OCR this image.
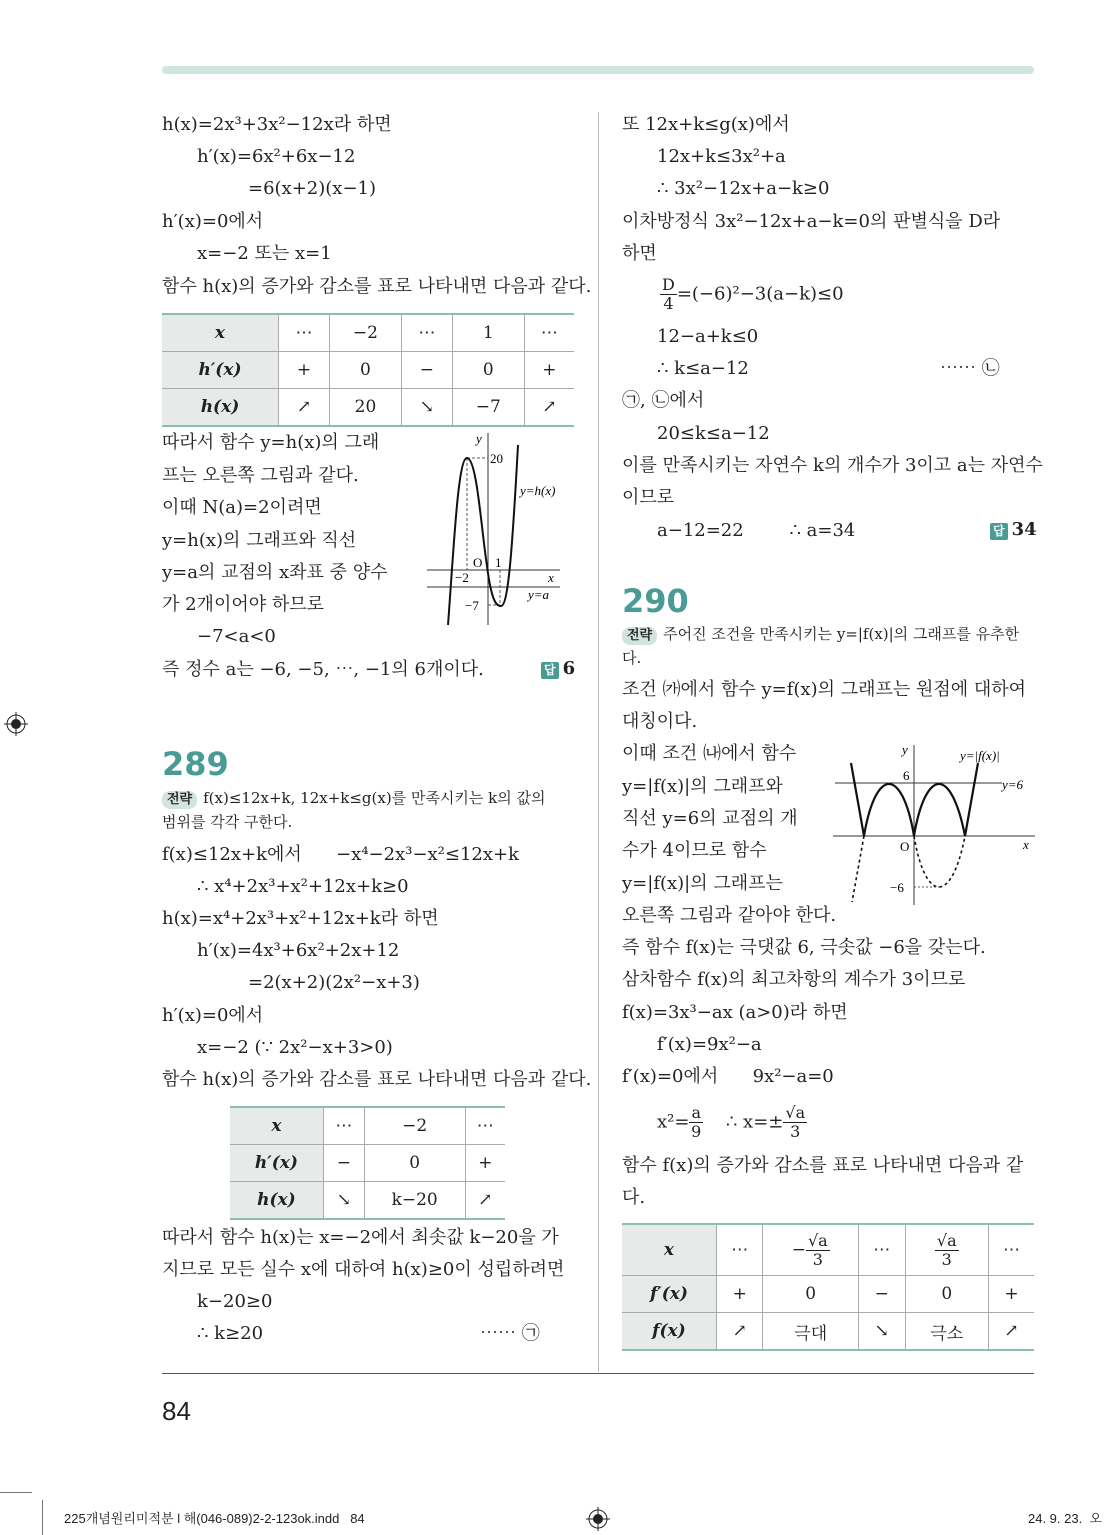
h(x)=2x³+3x²−12x라 하면
h′(x)=6x²+6x−12
=6(x+2)(x−1)
h′(x)=0에서
x=−2 또는 x=1
함수 h(x)의 증가와 감소를 표로 나타내면 다음과 같다.
x	⋯	−2	⋯	1	⋯
h′(x)	+	0	−	0	+
h(x)	↗	20	↘	−7	↗
따라서 함수 y=h(x)의 그래
프는 오른쪽 그림과 같다.
이때 N(a)=2이려면
y=h(x)의 그래프와 직선
y=a의 교점의 x좌표 중 양수
가 2개이어야 하므로
−7<a<0
즉 정수 a는 −6, −5, ⋯, −1의 6개이다.	답 6
y
20
y=h(x)
O 1
−2	x
y=a
−7
289
전략 f(x)≤12x+k, 12x+k≤g(x)를 만족시키는 k의 값의
범위를 각각 구한다.
f(x)≤12x+k에서      −x⁴−2x³−x²≤12x+k
∴ x⁴+2x³+x²+12x+k≥0
h(x)=x⁴+2x³+x²+12x+k라 하면
h′(x)=4x³+6x²+2x+12
=2(x+2)(2x²−x+3)
h′(x)=0에서
x=−2 (∵ 2x²−x+3>0)
함수 h(x)의 증가와 감소를 표로 나타내면 다음과 같다.
x	⋯	−2	⋯
h′(x)	−	0	+
h(x)	↘	k−20	↗
따라서 함수 h(x)는 x=−2에서 최솟값 k−20을 가
지므로 모든 실수 x에 대하여 h(x)≥0이 성립하려면
k−20≥0
∴ k≥20	⋯⋯ ㉠
또 12x+k≤g(x)에서
12x+k≤3x²+a
∴ 3x²−12x+a−k≥0
이차방정식 3x²−12x+a−k=0의 판별식을 D라
하면
$\frac{D}{4} =(-6)^2-3(a-k)\le 0$
12−a+k≤0
∴ k≤a−12	⋯⋯ ㉡
㉠, ㉡에서
20≤k≤a−12
이를 만족시키는 자연수 k의 개수가 3이고 a는 자연수
이므로
a−12=22        ∴ a=34	답 34
290
전략 주어진 조건을 만족시키는 y=|f(x)|의 그래프를 유추한
다.
조건 ㈎에서 함수 y=f(x)의 그래프는 원점에 대하여
대칭이다.
이때 조건 ㈏에서 함수
y=|f(x)|의 그래프와
직선 y=6의 교점의 개
수가 4이므로 함수
y=|f(x)|의 그래프는
오른쪽 그림과 같아야 한다.
y	y=|f(x)|
6
y=6
O	x
−6
즉 함수 f(x)는 극댓값 6, 극솟값 −6을 갖는다.
삼차함수 f(x)의 최고차항의 계수가 3이므로
f(x)=3x³−ax (a>0)라 하면
f′(x)=9x²−a
f′(x)=0에서      9x²−a=0
$x^2= \frac{a}{9}$ ∴ $x=\pm \frac{√a}{3}$
함수 f(x)의 증가와 감소를 표로 나타내면 다음과 같
다.
x	⋯	− $\frac{√a}{3}$	⋯	$\frac{√a}{3}$	⋯
f′(x)	+	0	−	0	+
f(x)	↗	극대	↘	극소	↗
84
225개념원리미적분 l 해(046-089)2-2-123ok.indd   84	24. 9. 23.  오
